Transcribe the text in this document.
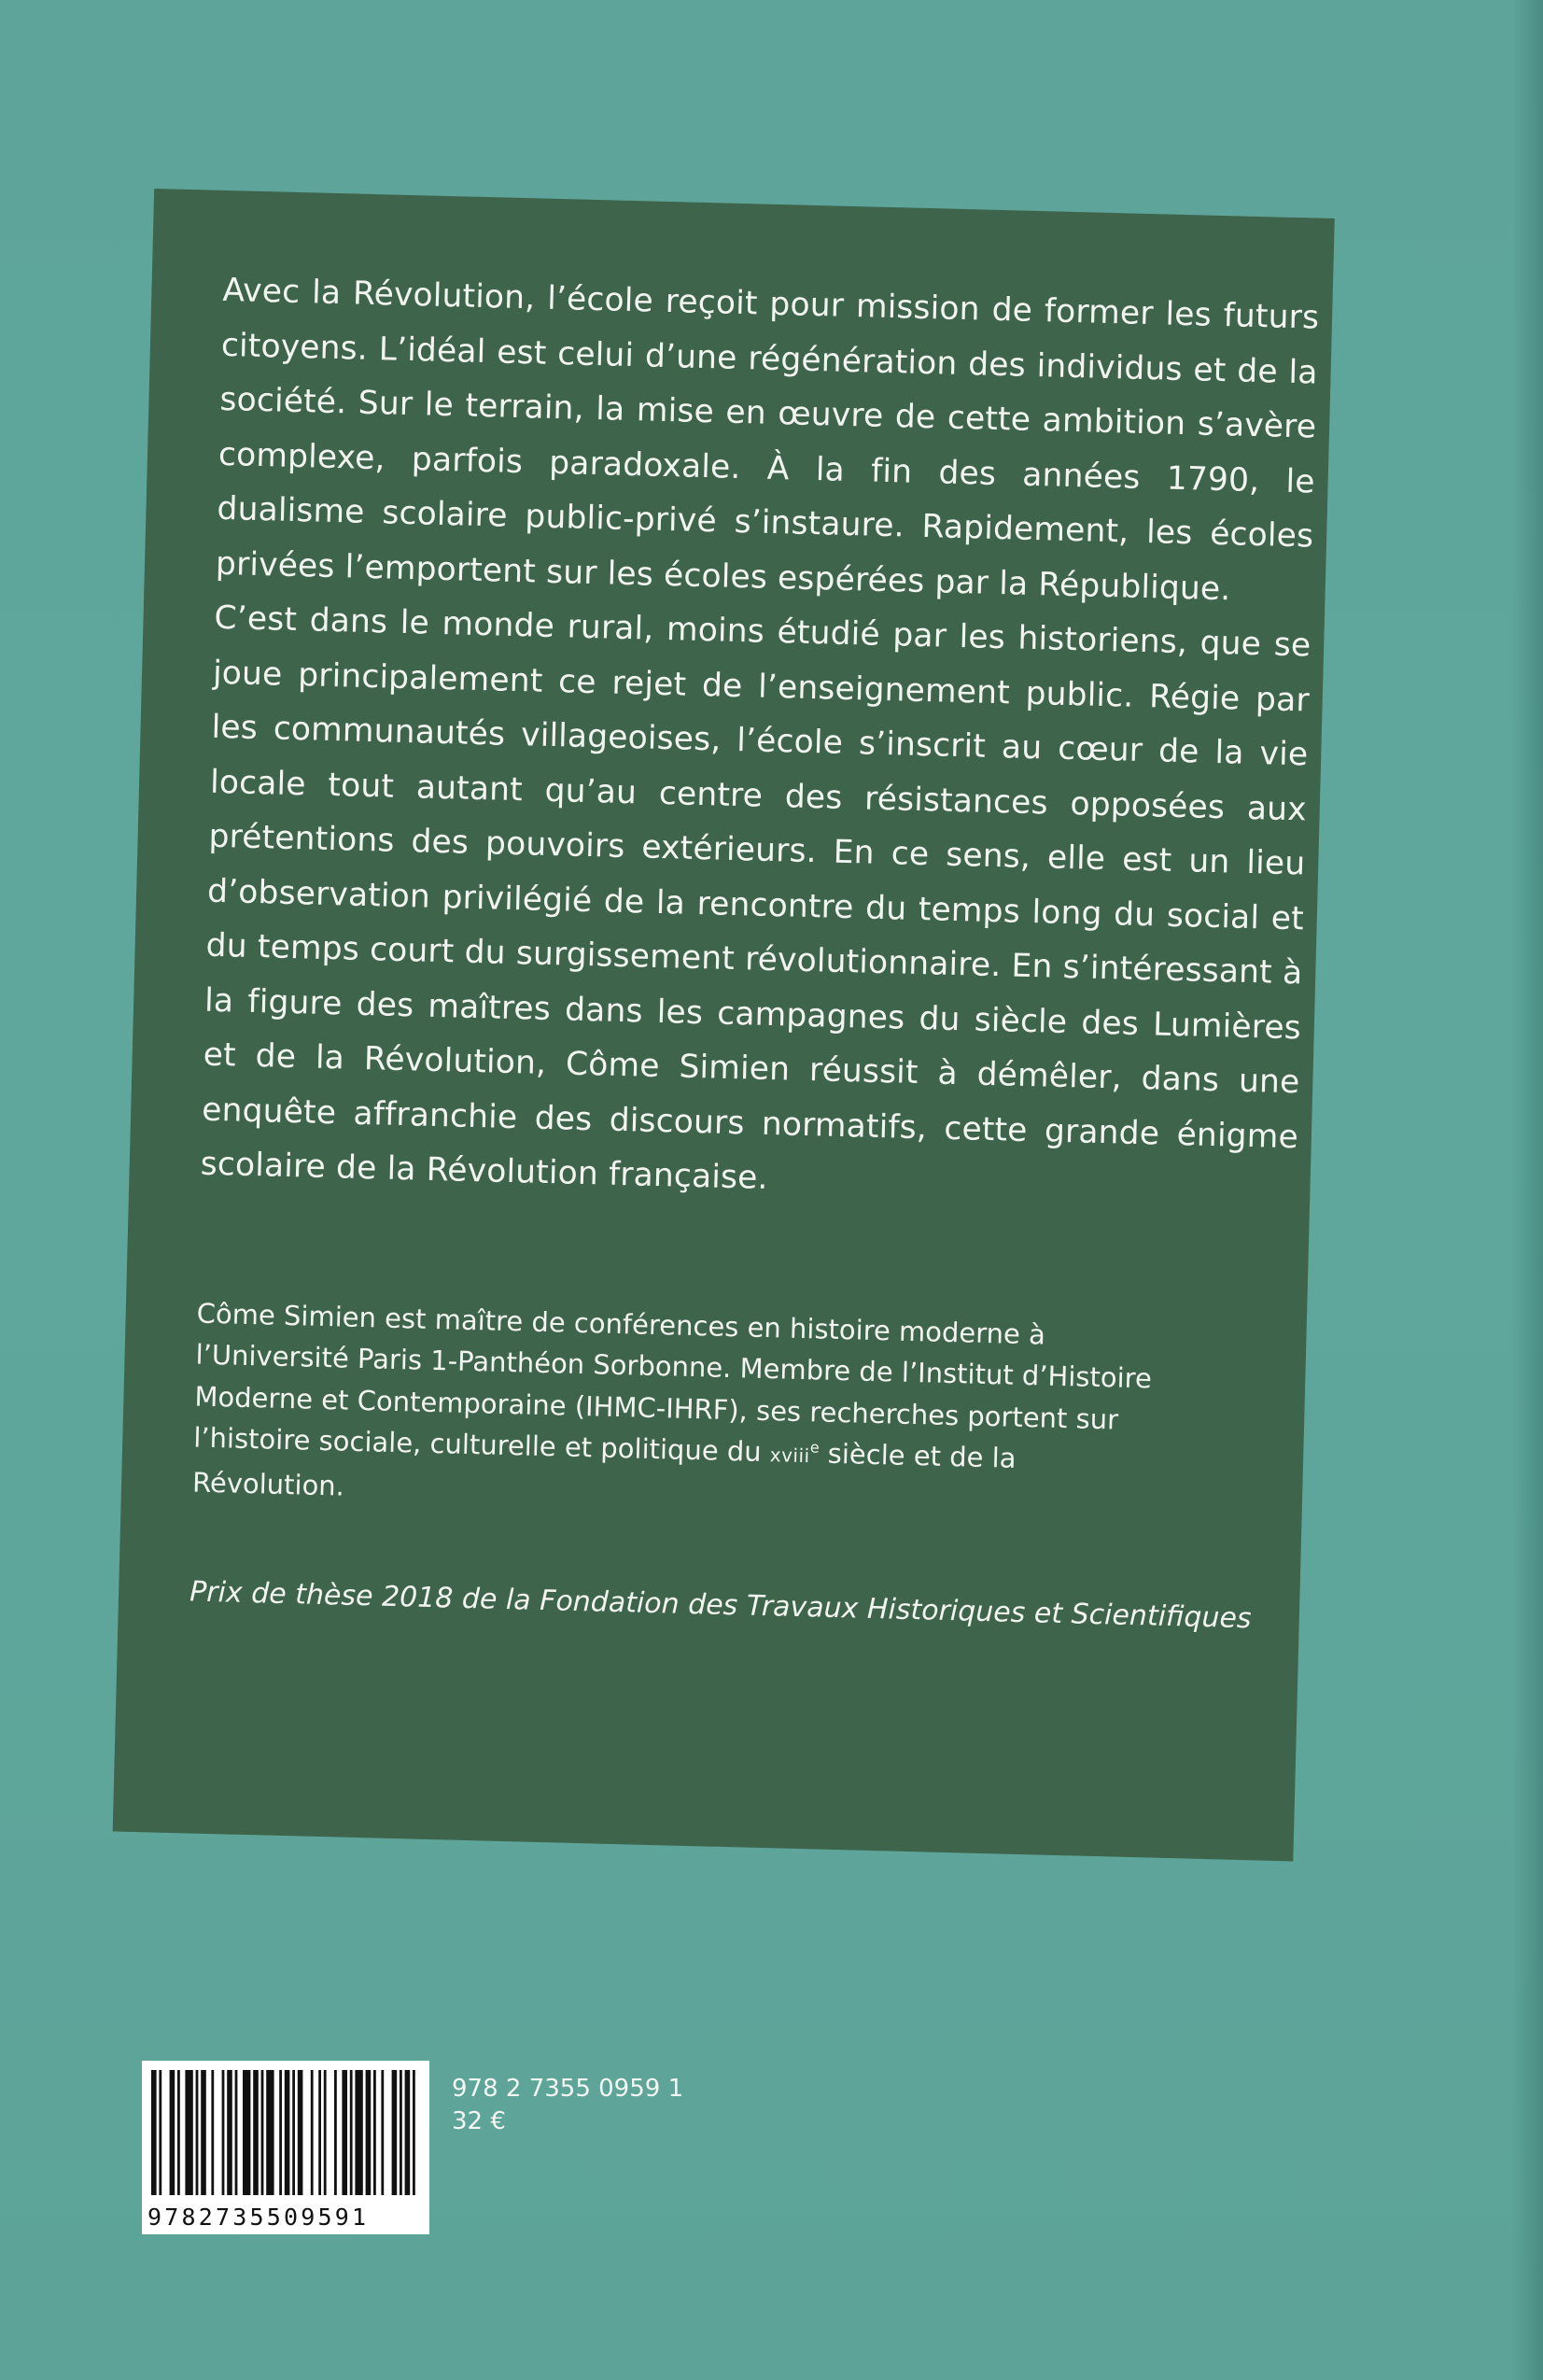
Avec la Révolution, l’école reçoit pour mission de former les futurs citoyens. L’idéal est celui d’une régénération des individus et de la société. Sur le terrain, la mise en œuvre de cette ambition s’avère complexe, parfois paradoxale. À la fin des années 1790, le dualisme scolaire public-privé s’instaure. Rapidement, les écoles privées l’emportent sur les écoles espérées par la République.

C’est dans le monde rural, moins étudié par les historiens, que se joue principalement ce rejet de l’enseignement public. Régie par les communautés villageoises, l’école s’inscrit au cœur de la vie locale tout autant qu’au centre des résistances opposées aux prétentions des pouvoirs extérieurs. En ce sens, elle est un lieu d’observation privilégié de la rencontre du temps long du social et du temps court du surgissement révolutionnaire. En s’intéressant à la figure des maîtres dans les campagnes du siècle des Lumières et de la Révolution, Côme Simien réussit à démêler, dans une enquête affranchie des discours normatifs, cette grande énigme scolaire de la Révolution française.

Côme Simien est maître de conférences en histoire moderne à l’Université Paris 1-Panthéon Sorbonne. Membre de l’Institut d’Histoire Moderne et Contemporaine (IHMC-IHRF), ses recherches portent sur l’histoire sociale, culturelle et politique du xviii$^e$ siècle et de la Révolution.

Prix de thèse 2018 de la Fondation des Travaux Historiques et Scientifiques

9782735509591
978 2 7355 0959 1
32 €
